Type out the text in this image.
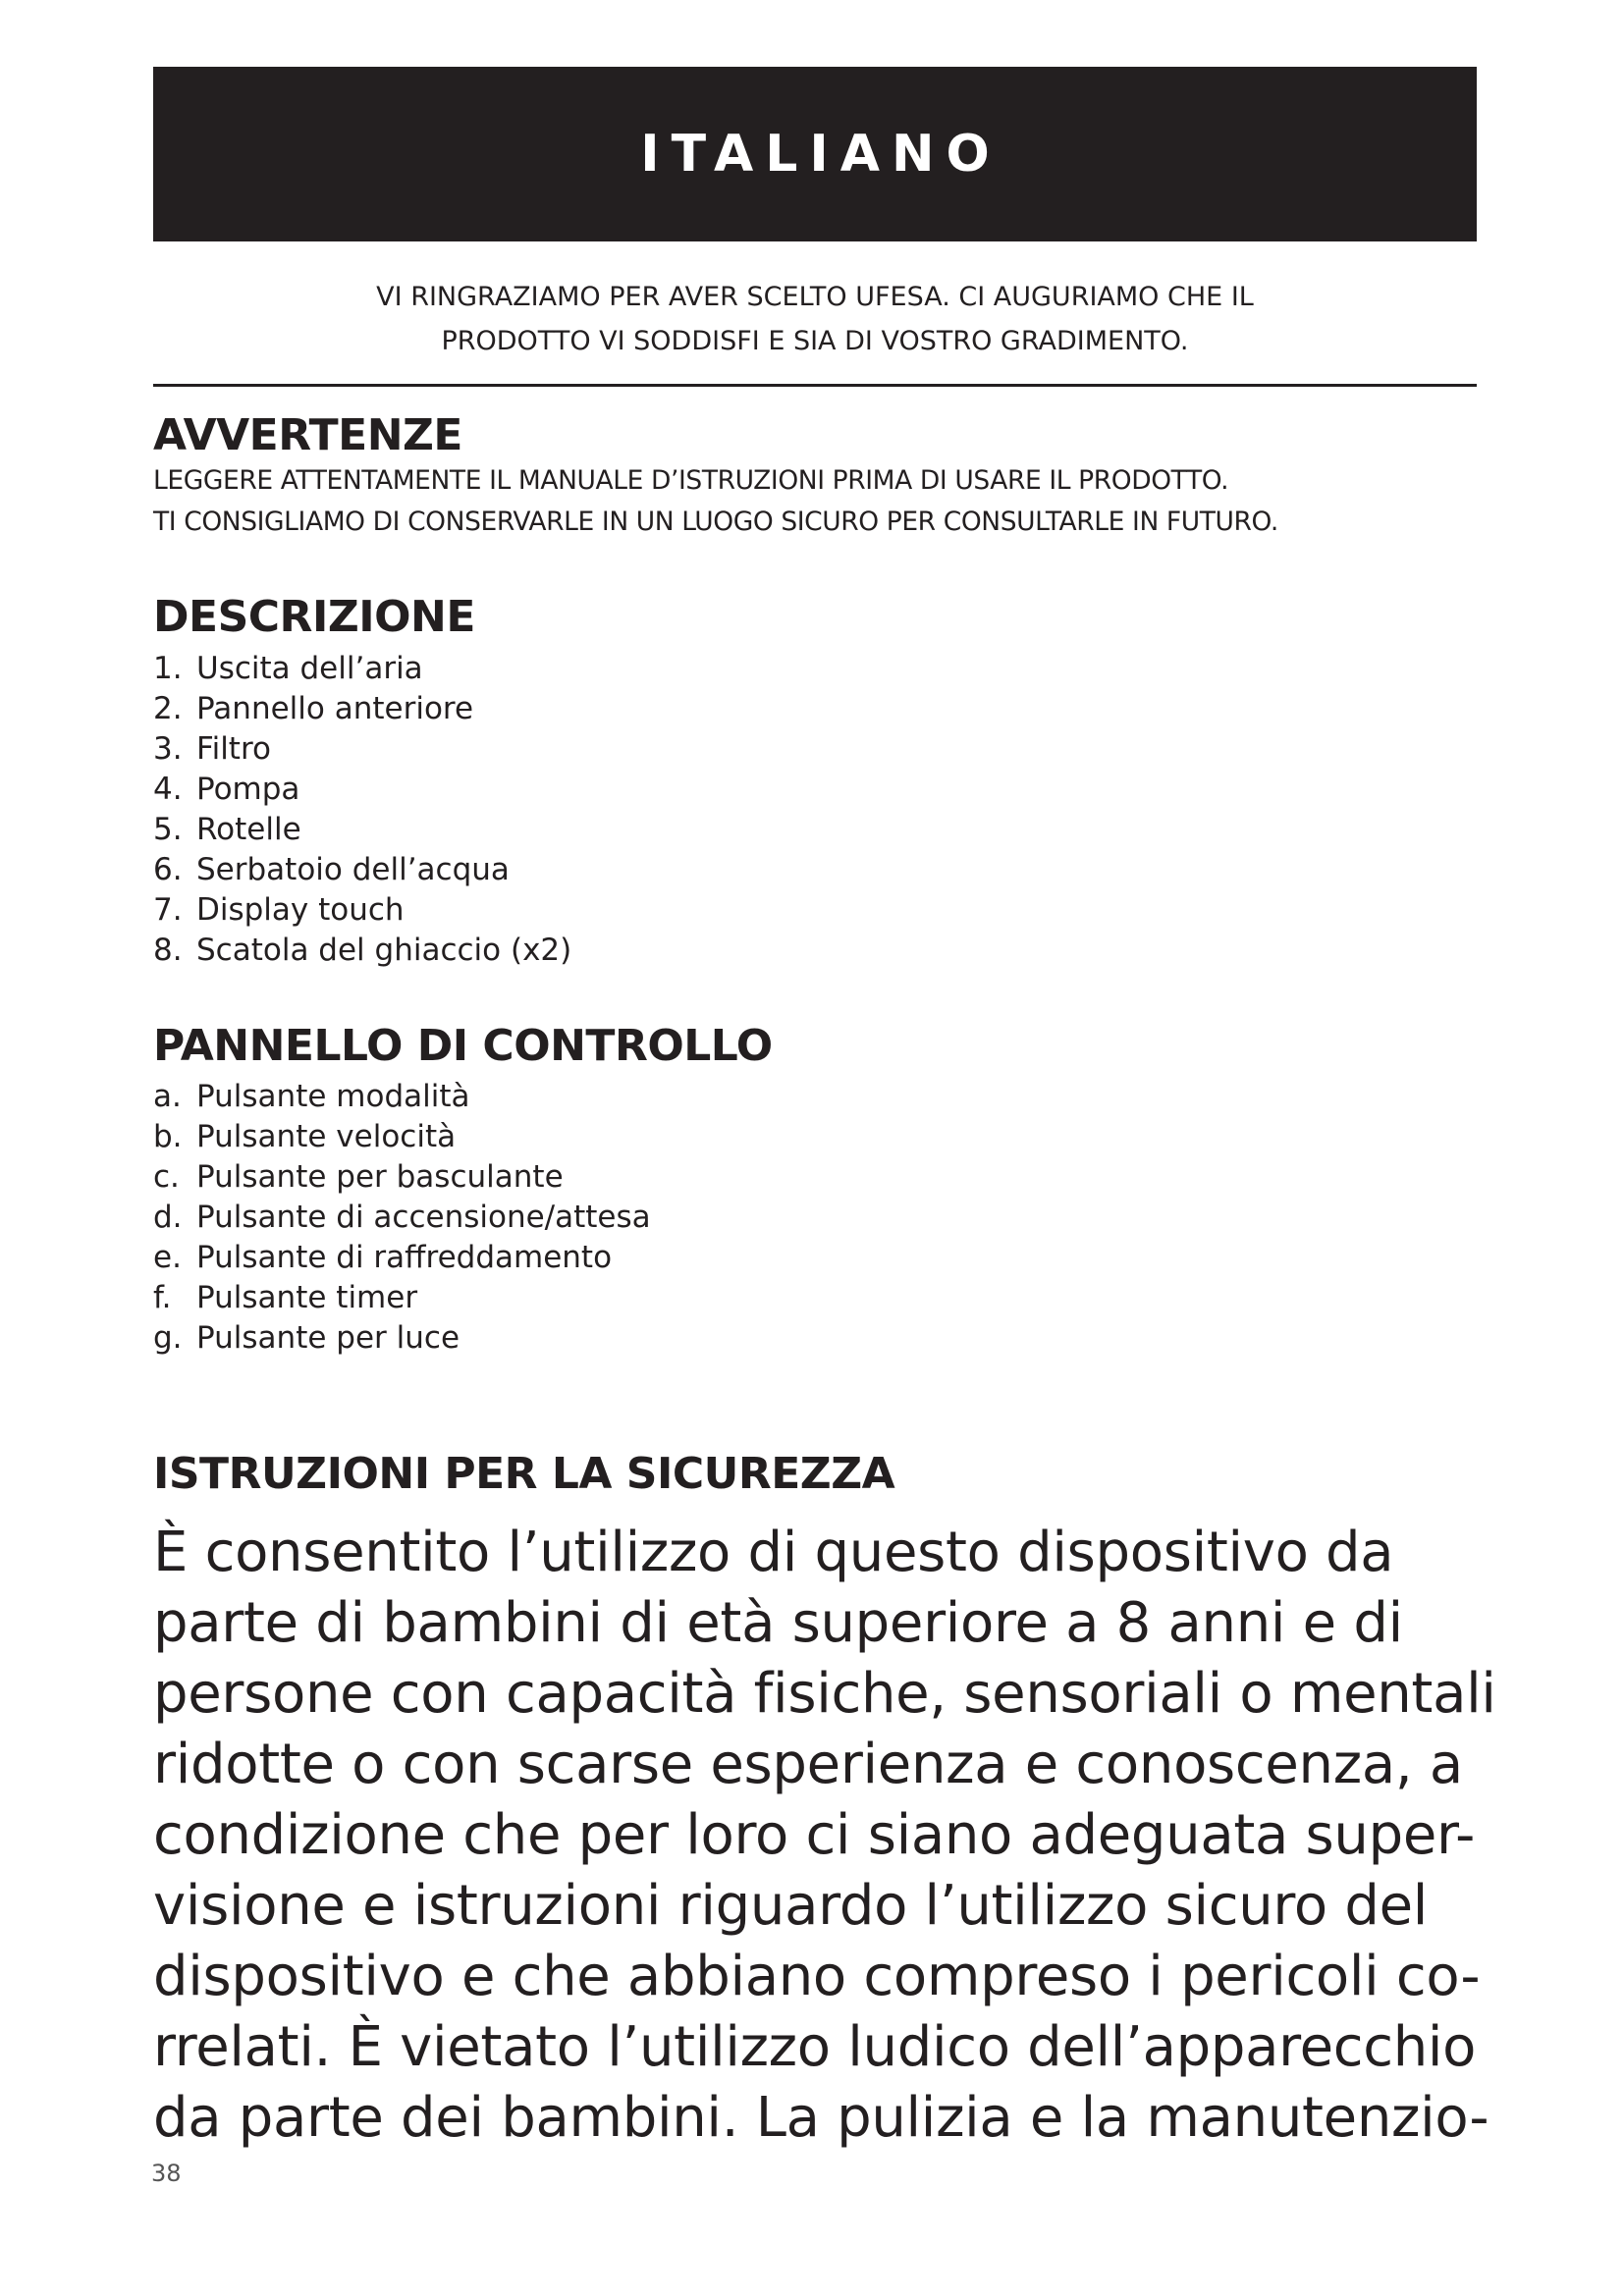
ITALIANO
VI RINGRAZIAMO PER AVER SCELTO UFESA. CI AUGURIAMO CHE IL
PRODOTTO VI SODDISFI E SIA DI VOSTRO GRADIMENTO.
AVVERTENZE
LEGGERE ATTENTAMENTE IL MANUALE D’ISTRUZIONI PRIMA DI USARE IL PRODOTTO.
TI CONSIGLIAMO DI CONSERVARLE IN UN LUOGO SICURO PER CONSULTARLE IN FUTURO.
DESCRIZIONE
1. Uscita dell’aria
2. Pannello anteriore
3. Filtro
4. Pompa
5. Rotelle
6. Serbatoio dell’acqua
7. Display touch
8. Scatola del ghiaccio (x2)
PANNELLO DI CONTROLLO
a. Pulsante modalità
b. Pulsante velocità
c. Pulsante per basculante
d. Pulsante di accensione/attesa
e. Pulsante di raffreddamento
f. Pulsante timer
g. Pulsante per luce
ISTRUZIONI PER LA SICUREZZA
È consentito l’utilizzo di questo dispositivo da
parte di bambini di età superiore a 8 anni e di
persone con capacità fisiche, sensoriali o mentali
ridotte o con scarse esperienza e conoscenza, a
condizione che per loro ci siano adeguata super-
visione e istruzioni riguardo l’utilizzo sicuro del
dispositivo e che abbiano compreso i pericoli co-
rrelati. È vietato l’utilizzo ludico dell’apparecchio
da parte dei bambini. La pulizia e la manutenzio-
38
